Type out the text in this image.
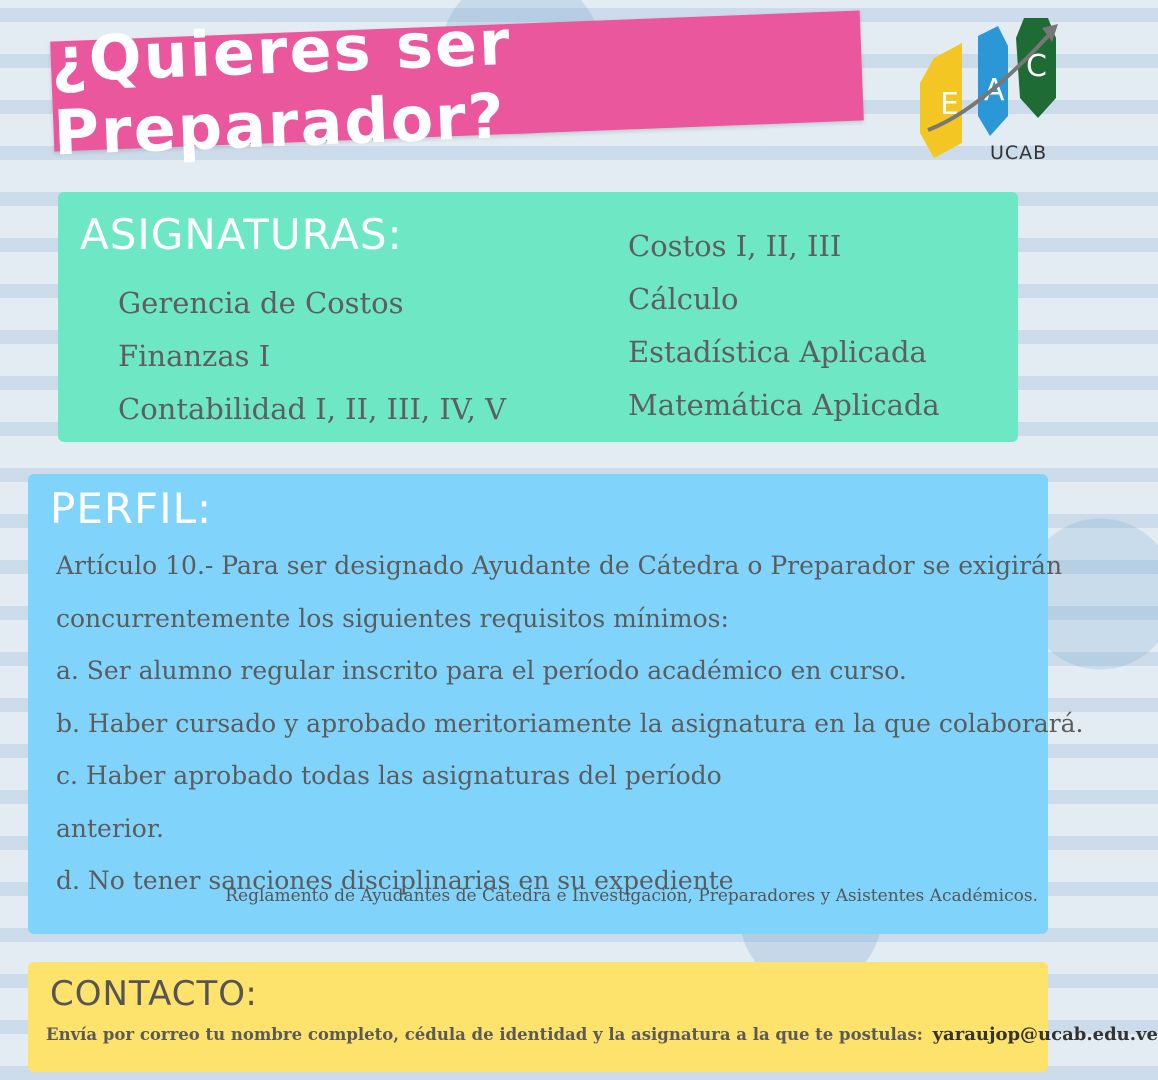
¿Quieres ser Preparador?	E A
C
UCAB
ASIGNATURAS:
Gerencia de Costos
Finanzas I
Contabilidad I, II, III, IV, V
Costos I, II, III
Cálculo
Estadística Aplicada
Matemática Aplicada
PERFIL:
Artículo 10.- Para ser designado Ayudante de Cátedra o Preparador se exigirán
concurrentemente los siguientes requisitos mínimos:
a. Ser alumno regular inscrito para el período académico en curso.
b. Haber cursado y aprobado meritoriamente la asignatura en la que colaborará.
c. Haber aprobado todas las asignaturas del período
anterior.
d. No tener sanciones disciplinarias en su expediente
Reglamento de Ayudantes de Cátedra e Investigación, Preparadores y Asistentes Académicos.
CONTACTO:
Envía por correo tu nombre completo, cédula de identidad y la asignatura a la que te postulas: yaraujop@ucab.edu.ve
